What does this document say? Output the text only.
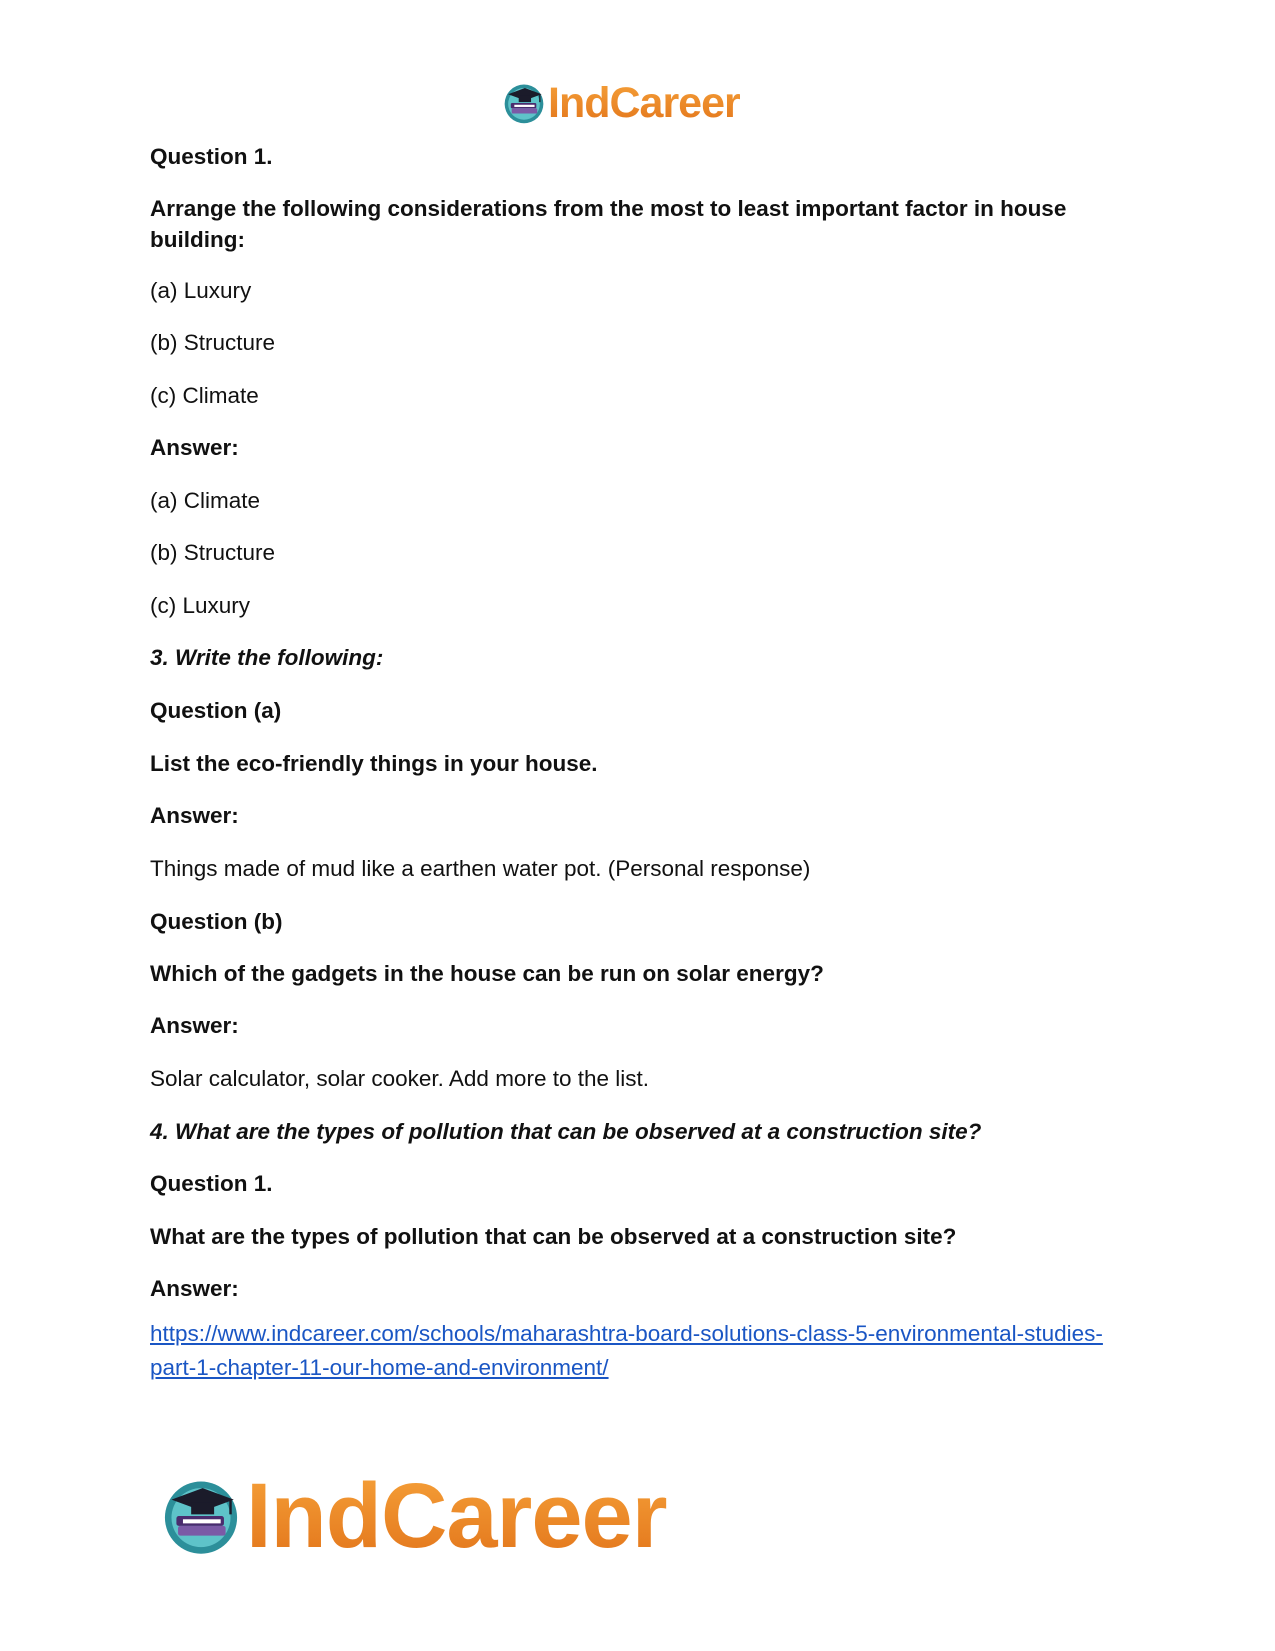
IndCareer
Question 1.
Arrange the following considerations from the most to least important factor in house building:
(a) Luxury
(b) Structure
(c) Climate
Answer:
(a) Climate
(b) Structure
(c) Luxury
3. Write the following:
Question (a)
List the eco-friendly things in your house.
Answer:
Things made of mud like a earthen water pot. (Personal response)
Question (b)
Which of the gadgets in the house can be run on solar energy?
Answer:
Solar calculator, solar cooker. Add more to the list.
4. What are the types of pollution that can be observed at a construction site?
Question 1.
What are the types of pollution that can be observed at a construction site?
Answer:
https://www.indcareer.com/schools/maharashtra-board-solutions-class-5-environmental-studies-
part-1-chapter-11-our-home-and-environment/
IndCareer
